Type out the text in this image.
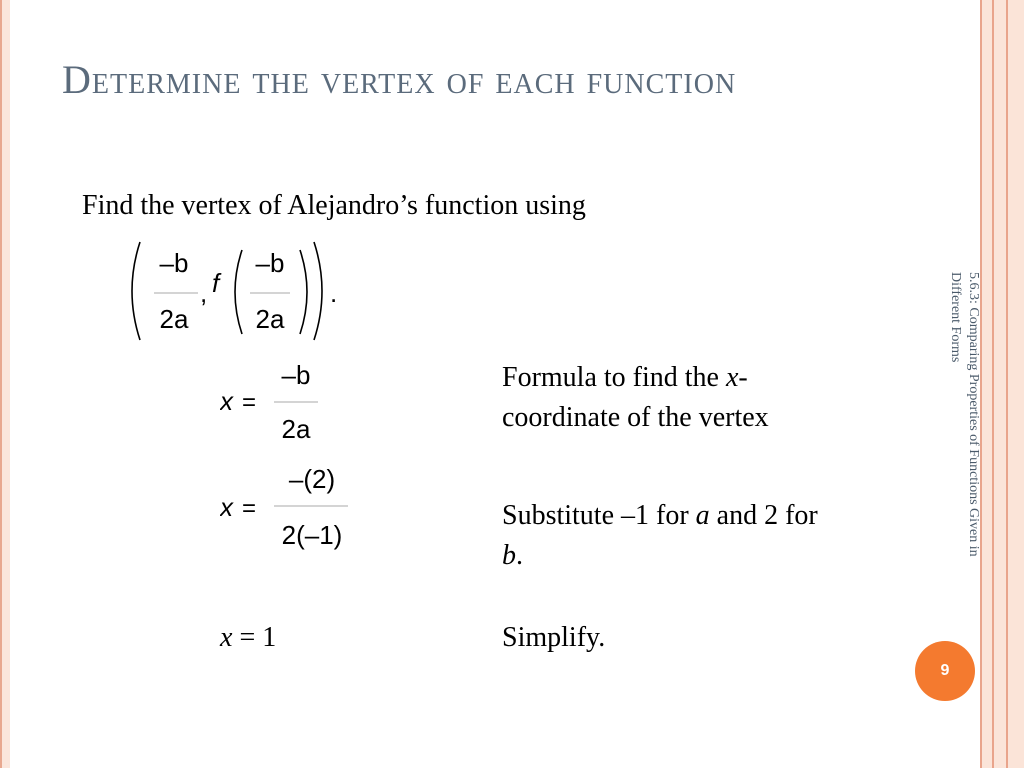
Determine the vertex of each function
Find the vertex of Alejandro’s function using
–b
2a
, f
–b
2a
.
x =
–b
2a
Formula to find the x-coordinate of the vertex
x =
–(2)
2(–1)
Substitute –1 for a and 2 for b.
x = 1	Simplify.
5.6.3: Comparing Properties of Functions Given in Different Forms
9
